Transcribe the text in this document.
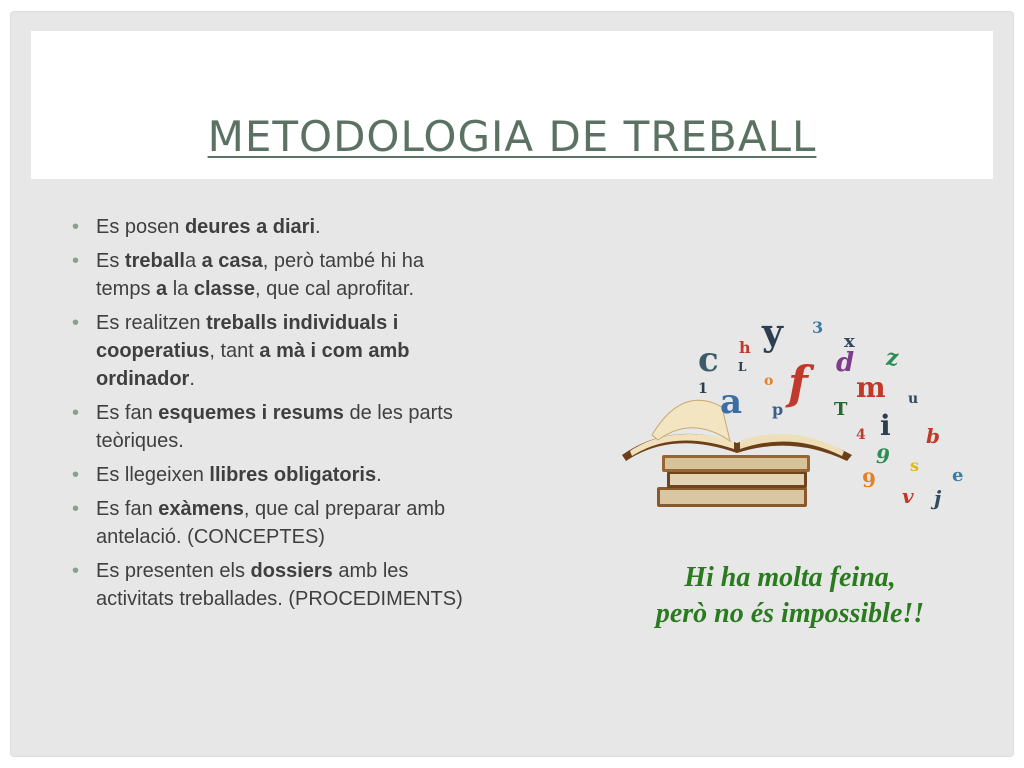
METODOLOGIA DE TREBALL
• Es posen deures a diari.
• Es treballa a casa, però també hi ha temps a la classe, que cal aprofitar.
• Es realitzen treballs individuals i cooperatius, tant a mà i com amb ordinador.
• Es fan esquemes i resums de les parts teòriques.
• Es llegeixen llibres obligatoris.
• Es fan exàmens, que cal preparar amb antelació. (CONCEPTES)
• Es presenten els dossiers amb les activitats treballades. (PROCEDIMENTS)
c h y 3
x
L f d z
1	o
a	m
p	T	u
4 i b
9 s e
9
v j
Hi ha molta feina,
però no és impossible!!
